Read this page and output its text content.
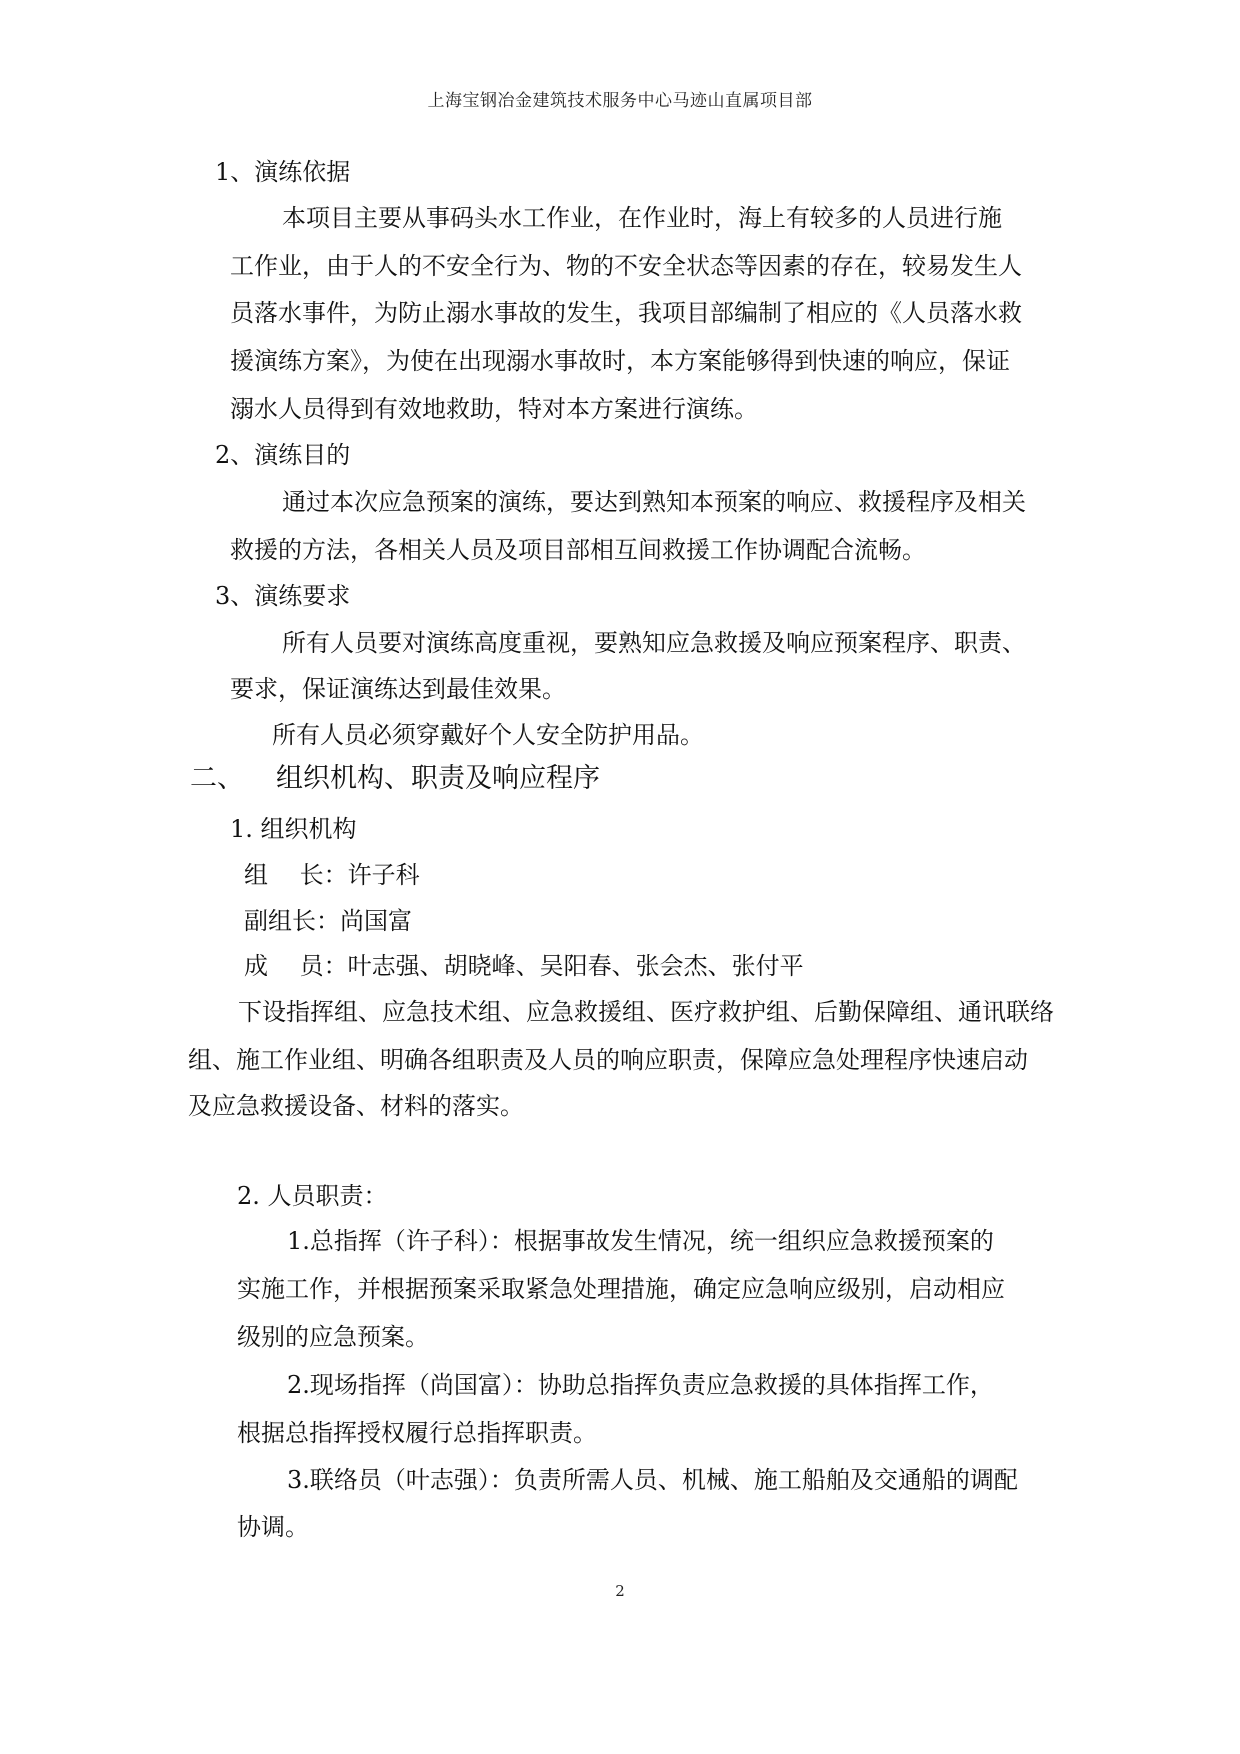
上海宝钢冶金建筑技术服务中心马迹山直属项目部
1、演练依据
本项目主要从事码头水工作业，在作业时，海上有较多的人员进行施
工作业，由于人的不安全行为、物的不安全状态等因素的存在，较易发生人
员落水事件，为防止溺水事故的发生，我项目部编制了相应的《人员落水救
援演练方案》，为使在出现溺水事故时，本方案能够得到快速的响应，保证
溺水人员得到有效地救助，特对本方案进行演练。
2、演练目的
通过本次应急预案的演练，要达到熟知本预案的响应、救援程序及相关
救援的方法，各相关人员及项目部相互间救援工作协调配合流畅。
3、演练要求
所有人员要对演练高度重视，要熟知应急救援及响应预案程序、职责、
要求，保证演练达到最佳效果。
所有人员必须穿戴好个人安全防护用品。
二、 组织机构、职责及响应程序
1. 组织机构
组　 长：许子科
副组长：尚国富
成　 员：叶志强、胡晓峰、吴阳春、张会杰、张付平
下设指挥组、应急技术组、应急救援组、医疗救护组、后勤保障组、通讯联络
组、施工作业组、明确各组职责及人员的响应职责，保障应急处理程序快速启动
及应急救援设备、材料的落实。
2. 人员职责：
1.总指挥（许子科）：根据事故发生情况，统一组织应急救援预案的
实施工作，并根据预案采取紧急处理措施，确定应急响应级别，启动相应
级别的应急预案。
2.现场指挥（尚国富）：协助总指挥负责应急救援的具体指挥工作，
根据总指挥授权履行总指挥职责。
3.联络员（叶志强）：负责所需人员、机械、施工船舶及交通船的调配
协调。
2
